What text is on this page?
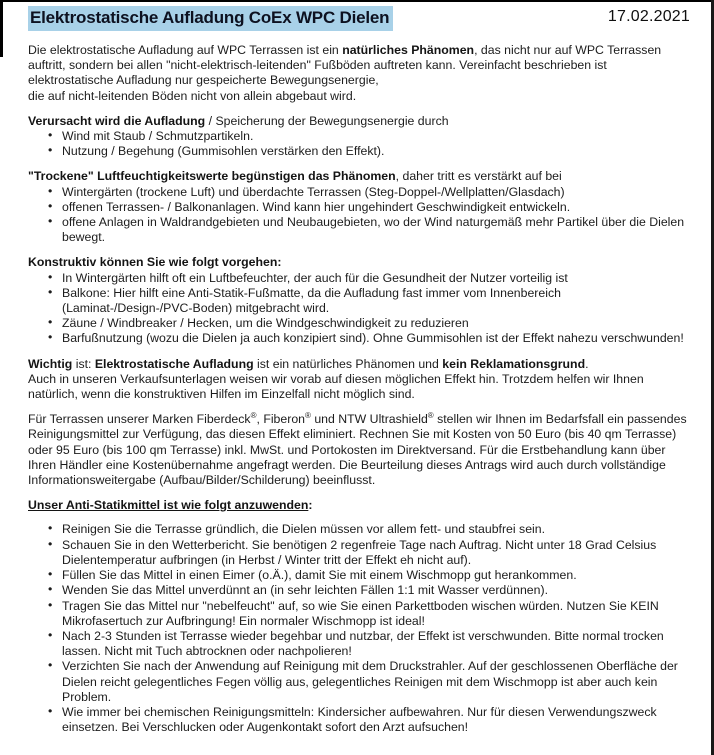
Elektrostatische Aufladung CoEx WPC Dielen	17.02.2021

Die elektrostatische Aufladung auf WPC Terrassen ist ein natürliches Phänomen, das nicht nur auf WPC Terrassen auftritt, sondern bei allen "nicht-elektrisch-leitenden" Fußböden auftreten kann. Vereinfacht beschrieben ist elektrostatische Aufladung nur gespeicherte Bewegungsenergie,
die auf nicht-leitenden Böden nicht von allein abgebaut wird.

Verursacht wird die Aufladung / Speicherung der Bewegungsenergie durch

• Wind mit Staub / Schmutzpartikeln.
• Nutzung / Begehung (Gummisohlen verstärken den Effekt).

"Trockene" Luftfeuchtigkeitswerte begünstigen das Phänomen, daher tritt es verstärkt auf bei

• Wintergärten (trockene Luft) und überdachte Terrassen (Steg-Doppel-/Wellplatten/Glasdach)
• offenen Terrassen- / Balkonanlagen. Wind kann hier ungehindert Geschwindigkeit entwickeln.
• offene Anlagen in Waldrandgebieten und Neubaugebieten, wo der Wind naturgemäß mehr Partikel über die Dielen bewegt.

Konstruktiv können Sie wie folgt vorgehen:

• In Wintergärten hilft oft ein Luftbefeuchter, der auch für die Gesundheit der Nutzer vorteilig ist
• Balkone: Hier hilft eine Anti-Statik-Fußmatte, da die Aufladung fast immer vom Innenbereich (Laminat-/Design-/PVC-Boden) mitgebracht wird.
• Zäune / Windbreaker / Hecken, um die Windgeschwindigkeit zu reduzieren
• Barfußnutzung (wozu die Dielen ja auch konzipiert sind). Ohne Gummisohlen ist der Effekt nahezu verschwunden!

Wichtig ist: Elektrostatische Aufladung ist ein natürliches Phänomen und kein Reklamationsgrund.
Auch in unseren Verkaufsunterlagen weisen wir vorab auf diesen möglichen Effekt hin. Trotzdem helfen wir Ihnen natürlich, wenn die konstruktiven Hilfen im Einzelfall nicht möglich sind.

Für Terrassen unserer Marken Fiberdeck®, Fiberon® und NTW Ultrashield® stellen wir Ihnen im Bedarfsfall ein passendes Reinigungsmittel zur Verfügung, das diesen Effekt eliminiert. Rechnen Sie mit Kosten von 50 Euro (bis 40 qm Terrasse) oder 95 Euro (bis 100 qm Terrasse) inkl. MwSt. und Portokosten im Direktversand. Für die Erstbehandlung kann über Ihren Händler eine Kostenübernahme angefragt werden. Die Beurteilung dieses Antrags wird auch durch vollständige Informationsweitergabe (Aufbau/Bilder/Schilderung) beeinflusst.

Unser Anti-Statikmittel ist wie folgt anzuwenden:

• Reinigen Sie die Terrasse gründlich, die Dielen müssen vor allem fett- und staubfrei sein.
• Schauen Sie in den Wetterbericht. Sie benötigen 2 regenfreie Tage nach Auftrag. Nicht unter 18 Grad Celsius Dielentemperatur aufbringen (in Herbst / Winter tritt der Effekt eh nicht auf).
• Füllen Sie das Mittel in einen Eimer (o.Ä.), damit Sie mit einem Wischmopp gut herankommen.
• Wenden Sie das Mittel unverdünnt an (in sehr leichten Fällen 1:1 mit Wasser verdünnen).
• Tragen Sie das Mittel nur "nebelfeucht" auf, so wie Sie einen Parkettboden wischen würden. Nutzen Sie KEIN Mikrofasertuch zur Aufbringung! Ein normaler Wischmopp ist ideal!
• Nach 2-3 Stunden ist Terrasse wieder begehbar und nutzbar, der Effekt ist verschwunden. Bitte normal trocken lassen. Nicht mit Tuch abtrocknen oder nachpolieren!
• Verzichten Sie nach der Anwendung auf Reinigung mit dem Druckstrahler. Auf der geschlossenen Oberfläche der Dielen reicht gelegentliches Fegen völlig aus, gelegentliches Reinigen mit dem Wischmopp ist aber auch kein Problem.
• Wie immer bei chemischen Reinigungsmitteln: Kindersicher aufbewahren. Nur für diesen Verwendungszweck einsetzen. Bei Verschlucken oder Augenkontakt sofort den Arzt aufsuchen!
